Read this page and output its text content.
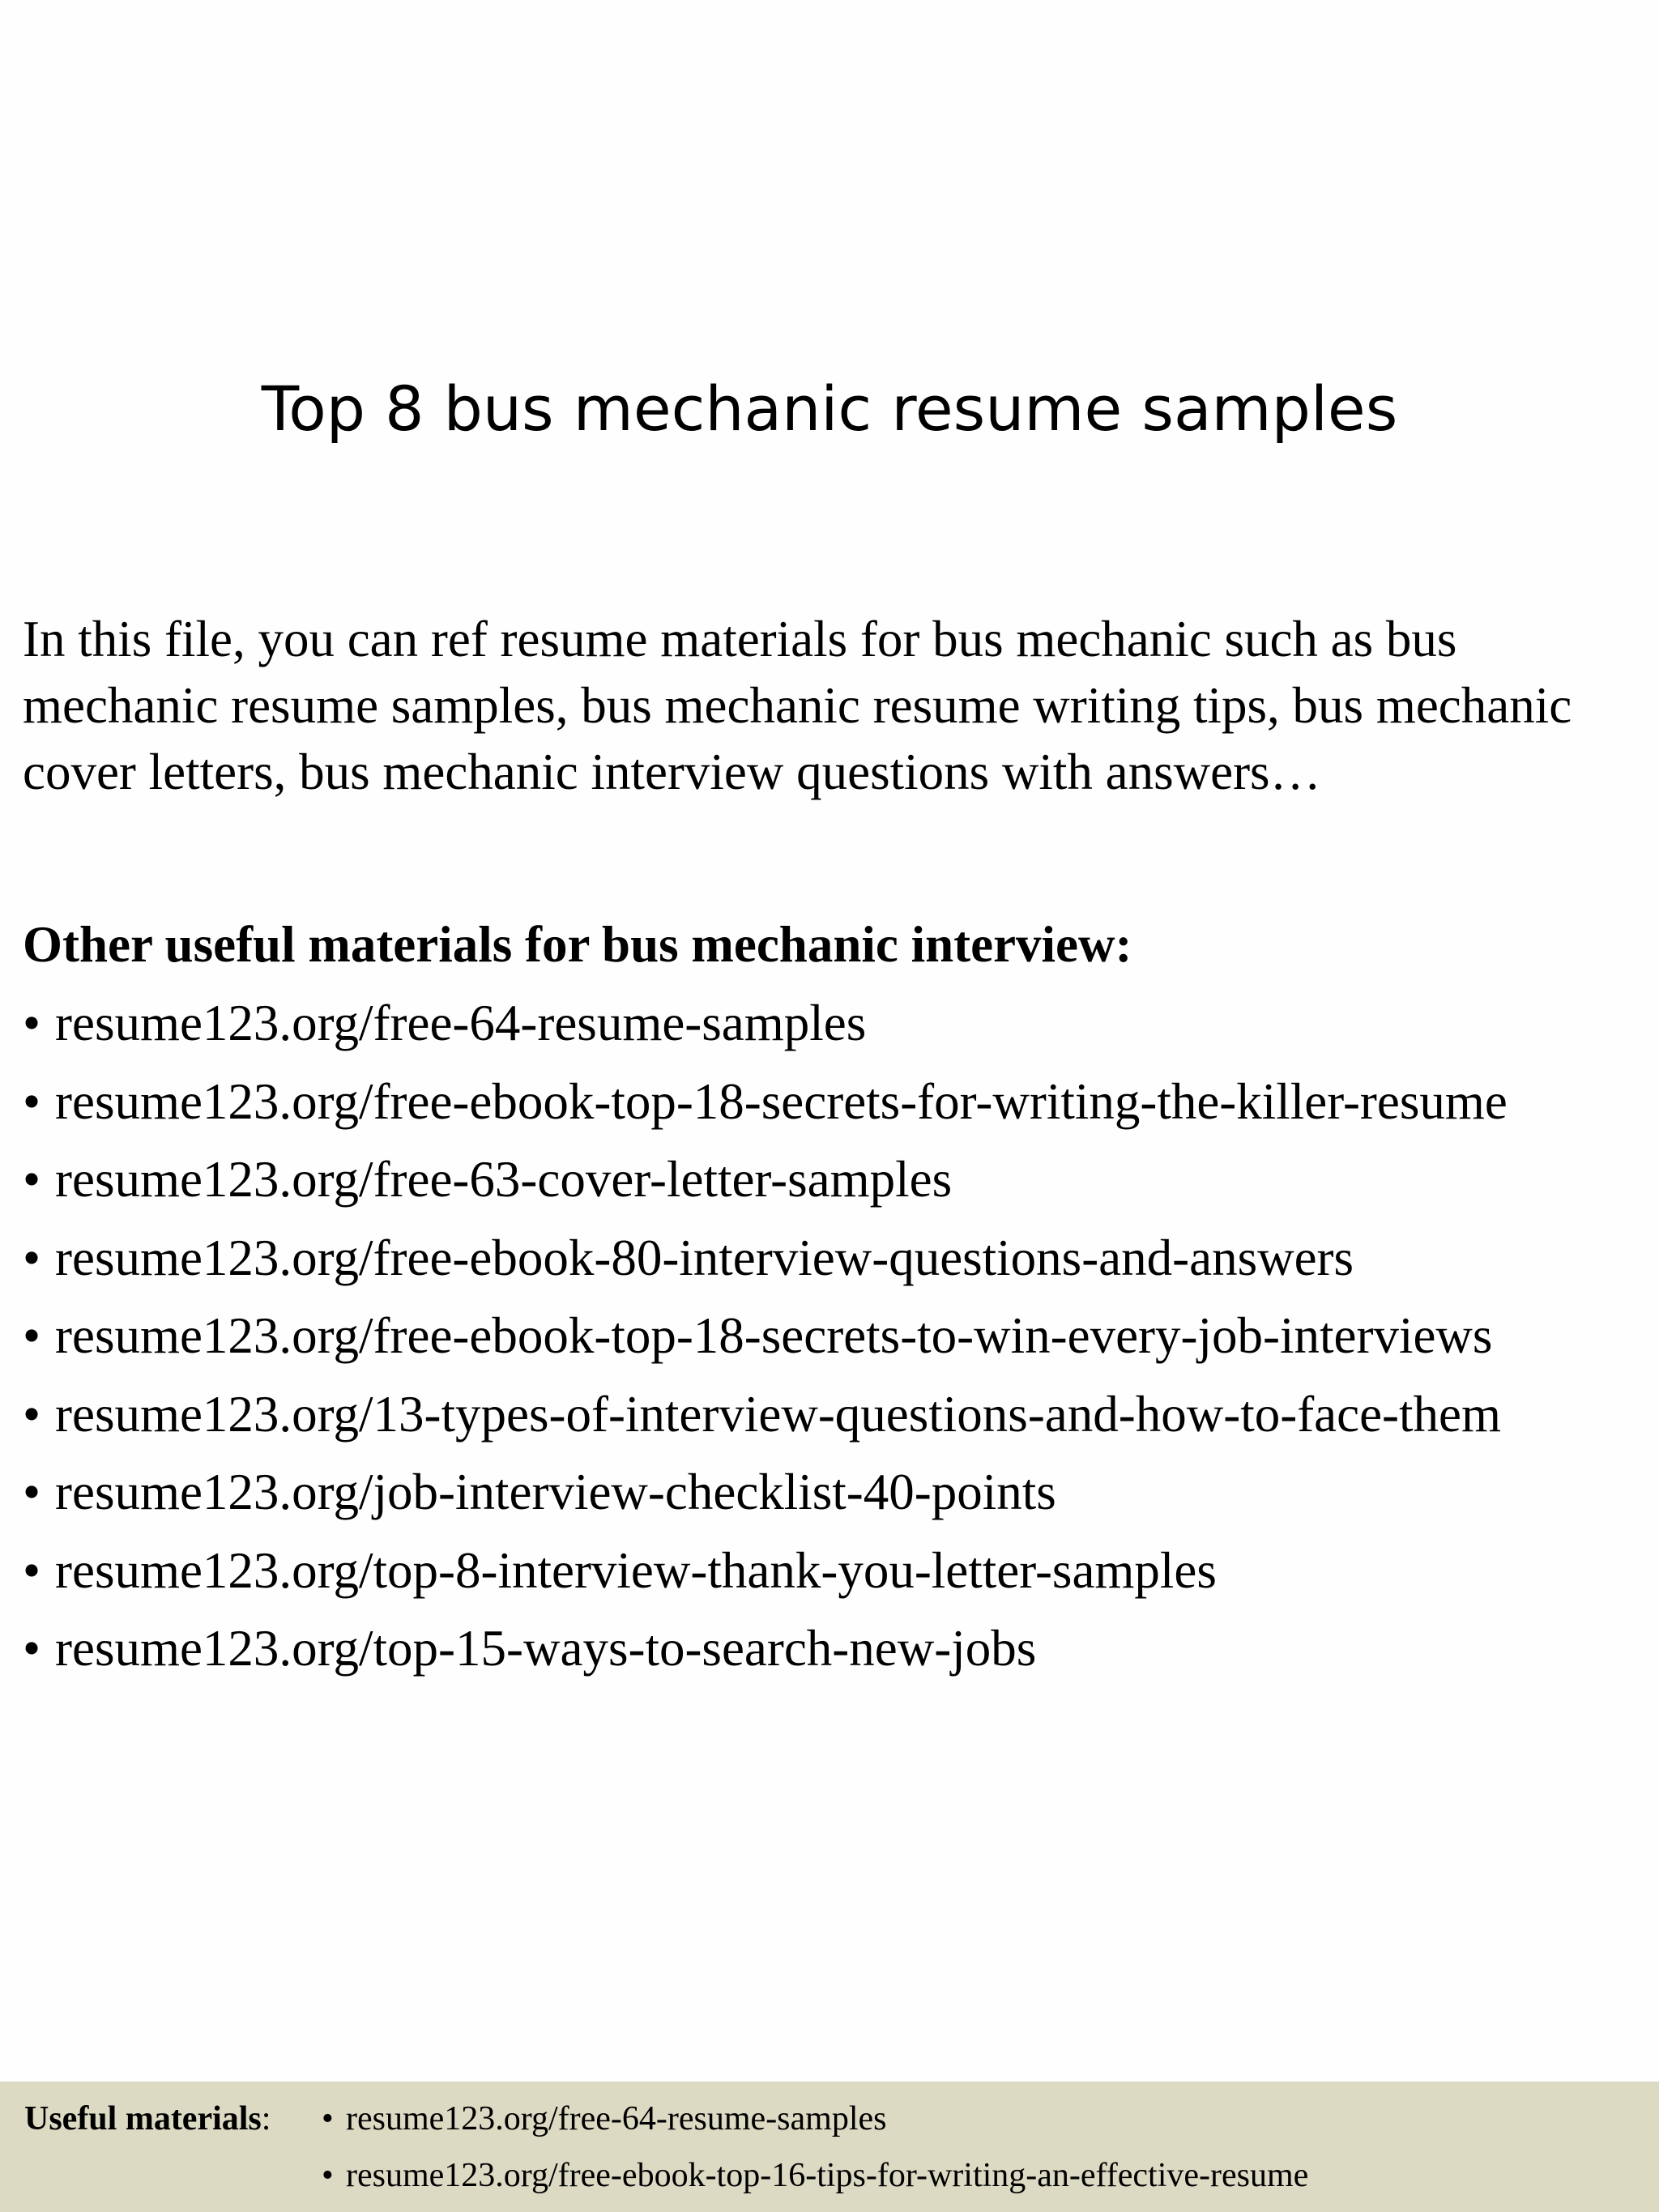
Top 8 bus mechanic resume samples

In this file, you can ref resume materials for bus mechanic such as bus mechanic resume samples, bus mechanic resume writing tips, bus mechanic cover letters, bus mechanic interview questions with answers…

Other useful materials for bus mechanic interview:
• resume123.org/free-64-resume-samples
• resume123.org/free-ebook-top-18-secrets-for-writing-the-killer-resume
• resume123.org/free-63-cover-letter-samples
• resume123.org/free-ebook-80-interview-questions-and-answers
• resume123.org/free-ebook-top-18-secrets-to-win-every-job-interviews
• resume123.org/13-types-of-interview-questions-and-how-to-face-them
• resume123.org/job-interview-checklist-40-points
• resume123.org/top-8-interview-thank-you-letter-samples
• resume123.org/top-15-ways-to-search-new-jobs
Useful materials: • resume123.org/free-64-resume-samples
• resume123.org/free-ebook-top-16-tips-for-writing-an-effective-resume
